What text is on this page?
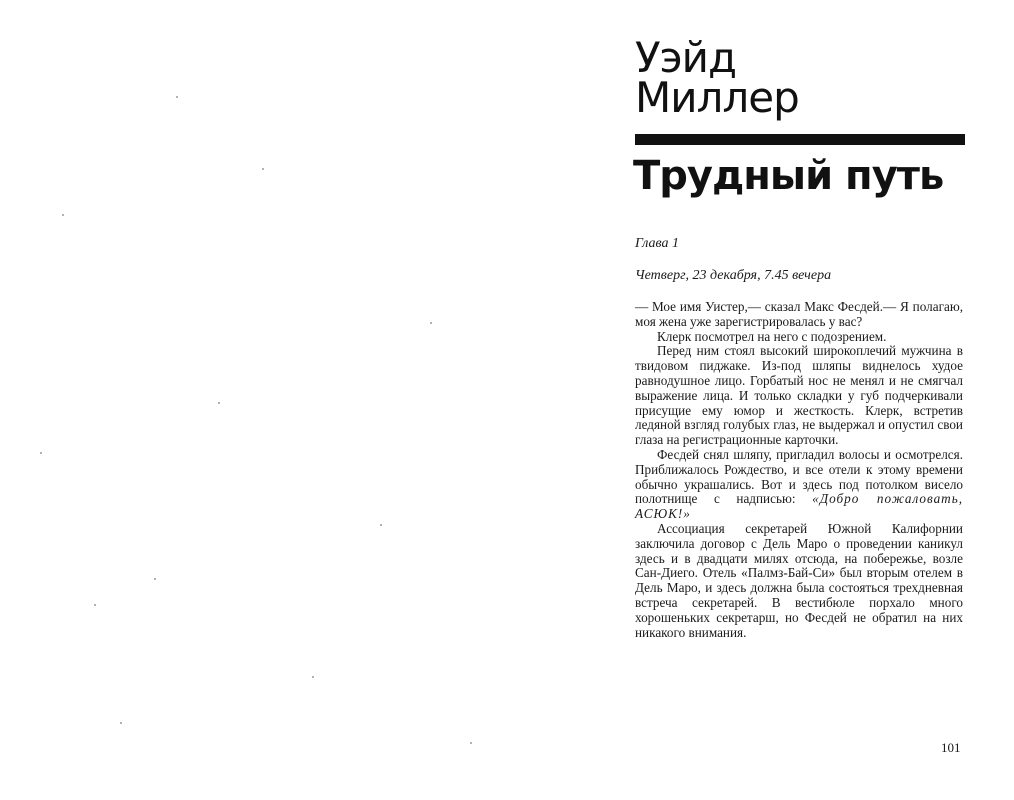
Уэйд
Миллер
Трудный путь
Глава 1
Четверг, 23 декабря, 7.45 вечера

— Мое имя Уистер,— сказал Макс Фесдей.— Я полагаю, моя жена уже зарегистрировалась у вас?

Клерк посмотрел на него с подозрением.

Перед ним стоял высокий широкоплечий мужчина в твидовом пиджаке. Из-под шляпы виднелось худое равнодушное лицо. Горбатый нос не менял и не смягчал выражение лица. И только складки у губ подчеркивали присущие ему юмор и жесткость. Клерк, встретив ледяной взгляд голубых глаз, не выдержал и опустил свои глаза на регистрационные карточки.

Фесдей снял шляпу, пригладил волосы и осмотрелся. Приближалось Рождество, и все отели к этому времени обычно украшались. Вот и здесь под потолком висело полотнище с надписью: «Добро пожаловать, АСЮК!»

Ассоциация секретарей Южной Калифорнии заключила договор с Дель Маро о проведении каникул здесь и в двадцати милях отсюда, на побережье, возле Сан-Диего. Отель «Палмз-Бай-Си» был вторым отелем в Дель Маро, и здесь должна была состояться трехдневная встреча секретарей. В вестибюле порхало много хорошеньких секретарш, но Фесдей не обратил на них никакого внимания.

101
